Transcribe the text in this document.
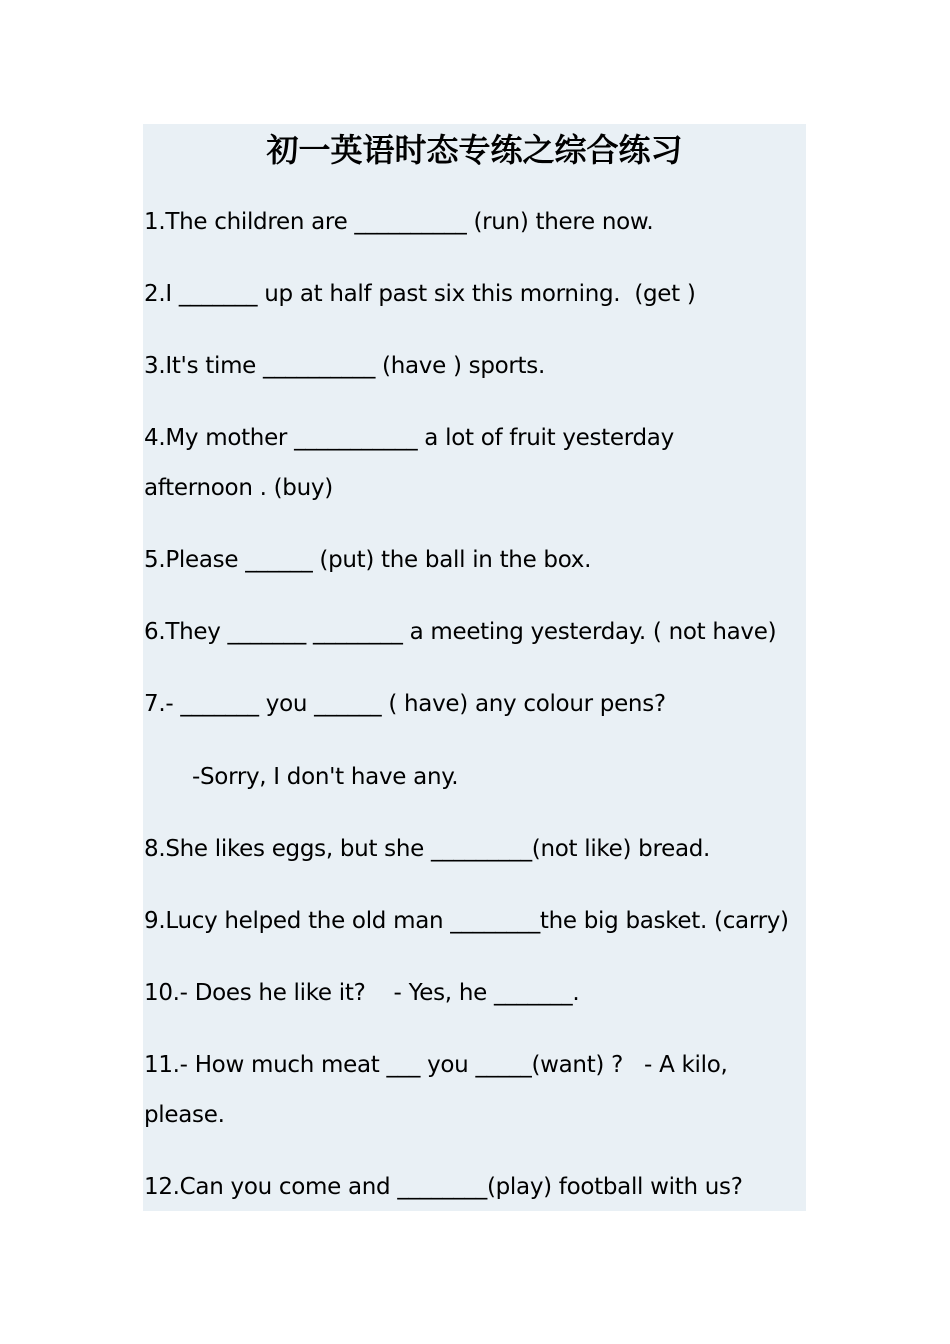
初一英语时态专练之综合练习
1.The children are __________ (run) there now.
2.I _______ up at half past six this morning.  (get )
3.It's time __________ (have ) sports.
4.My mother ___________ a lot of fruit yesterday
afternoon . (buy)
5.Please ______ (put) the ball in the box.
6.They _______ ________ a meeting yesterday. ( not have)
7.- _______ you ______ ( have) any colour pens?
-Sorry, I don't have any.
8.She likes eggs, but she _________(not like) bread.
9.Lucy helped the old man ________the big basket. (carry)
10.- Does he like it?    - Yes, he _______.
11.- How much meat ___ you _____(want) ?   - A kilo,
please.
12.Can you come and ________(play) football with us?
